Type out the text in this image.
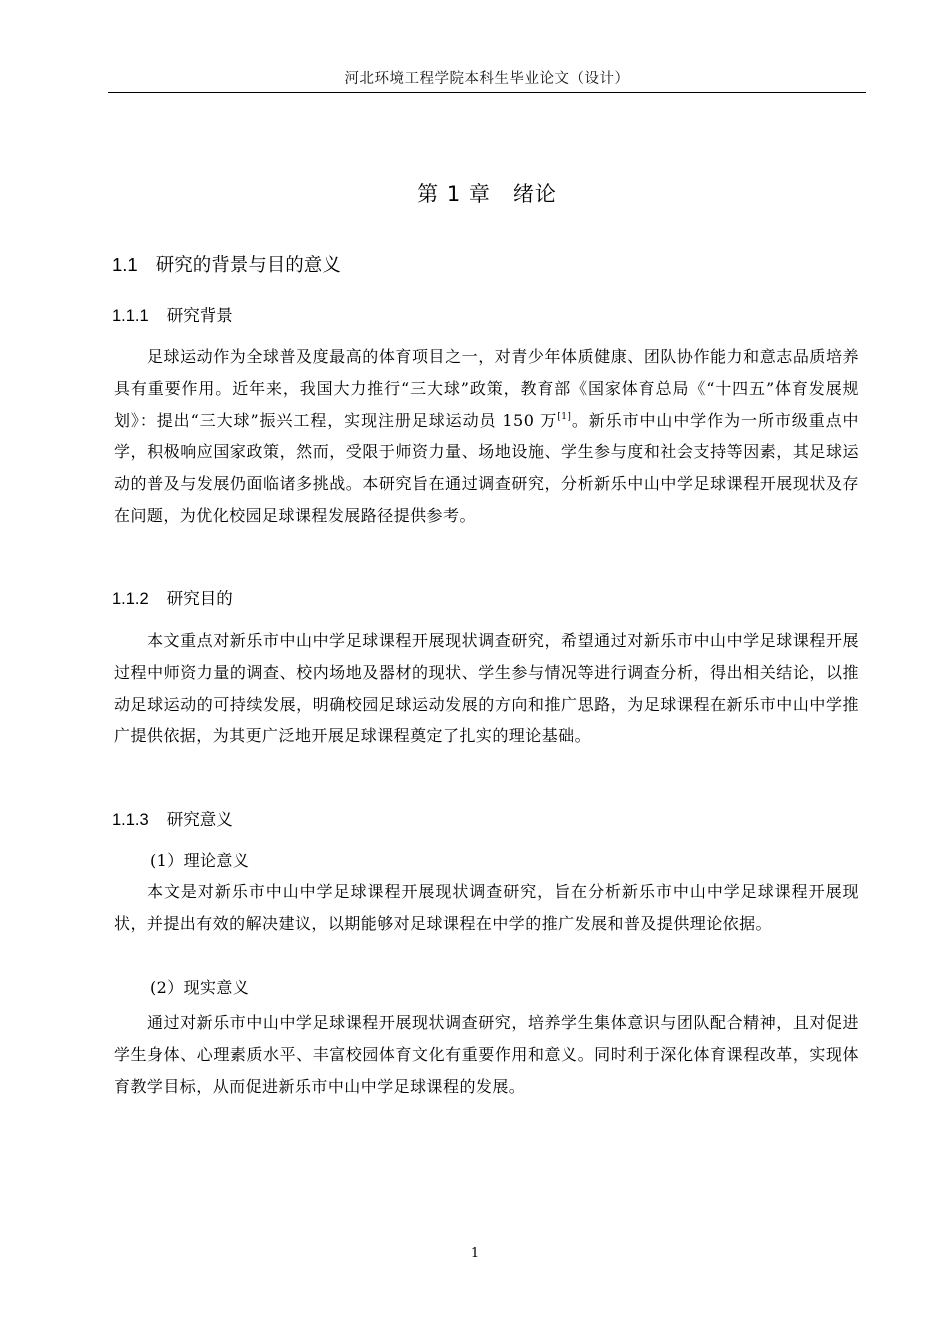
河北环境工程学院本科生毕业论文（设计）
第 1 章 绪论
1.1 研究的背景与目的意义
1.1.1 研究背景
足球运动作为全球普及度最高的体育项目之一，对青少年体质健康、团队协作能力和意志品质培养具有重要作用。近年来，我国大力推行“三大球”政策，教育部《国家体育总局《“十四五”体育发展规划》：提出“三大球”振兴工程，实现注册足球运动员 150 万[1]。新乐市中山中学作为一所市级重点中学，积极响应国家政策，然而，受限于师资力量、场地设施、学生参与度和社会支持等因素，其足球运动的普及与发展仍面临诸多挑战。本研究旨在通过调查研究，分析新乐中山中学足球课程开展现状及存在问题，为优化校园足球课程发展路径提供参考。
1.1.2 研究目的
本文重点对新乐市中山中学足球课程开展现状调查研究，希望通过对新乐市中山中学足球课程开展过程中师资力量的调查、校内场地及器材的现状、学生参与情况等进行调查分析，得出相关结论，以推动足球运动的可持续发展，明确校园足球运动发展的方向和推广思路，为足球课程在新乐市中山中学推广提供依据，为其更广泛地开展足球课程奠定了扎实的理论基础。
1.1.3 研究意义
(1）理论意义
本文是对新乐市中山中学足球课程开展现状调查研究，旨在分析新乐市中山中学足球课程开展现状，并提出有效的解决建议，以期能够对足球课程在中学的推广发展和普及提供理论依据。
(2）现实意义
通过对新乐市中山中学足球课程开展现状调查研究，培养学生集体意识与团队配合精神，且对促进学生身体、心理素质水平、丰富校园体育文化有重要作用和意义。同时利于深化体育课程改革，实现体育教学目标，从而促进新乐市中山中学足球课程的发展。
1
